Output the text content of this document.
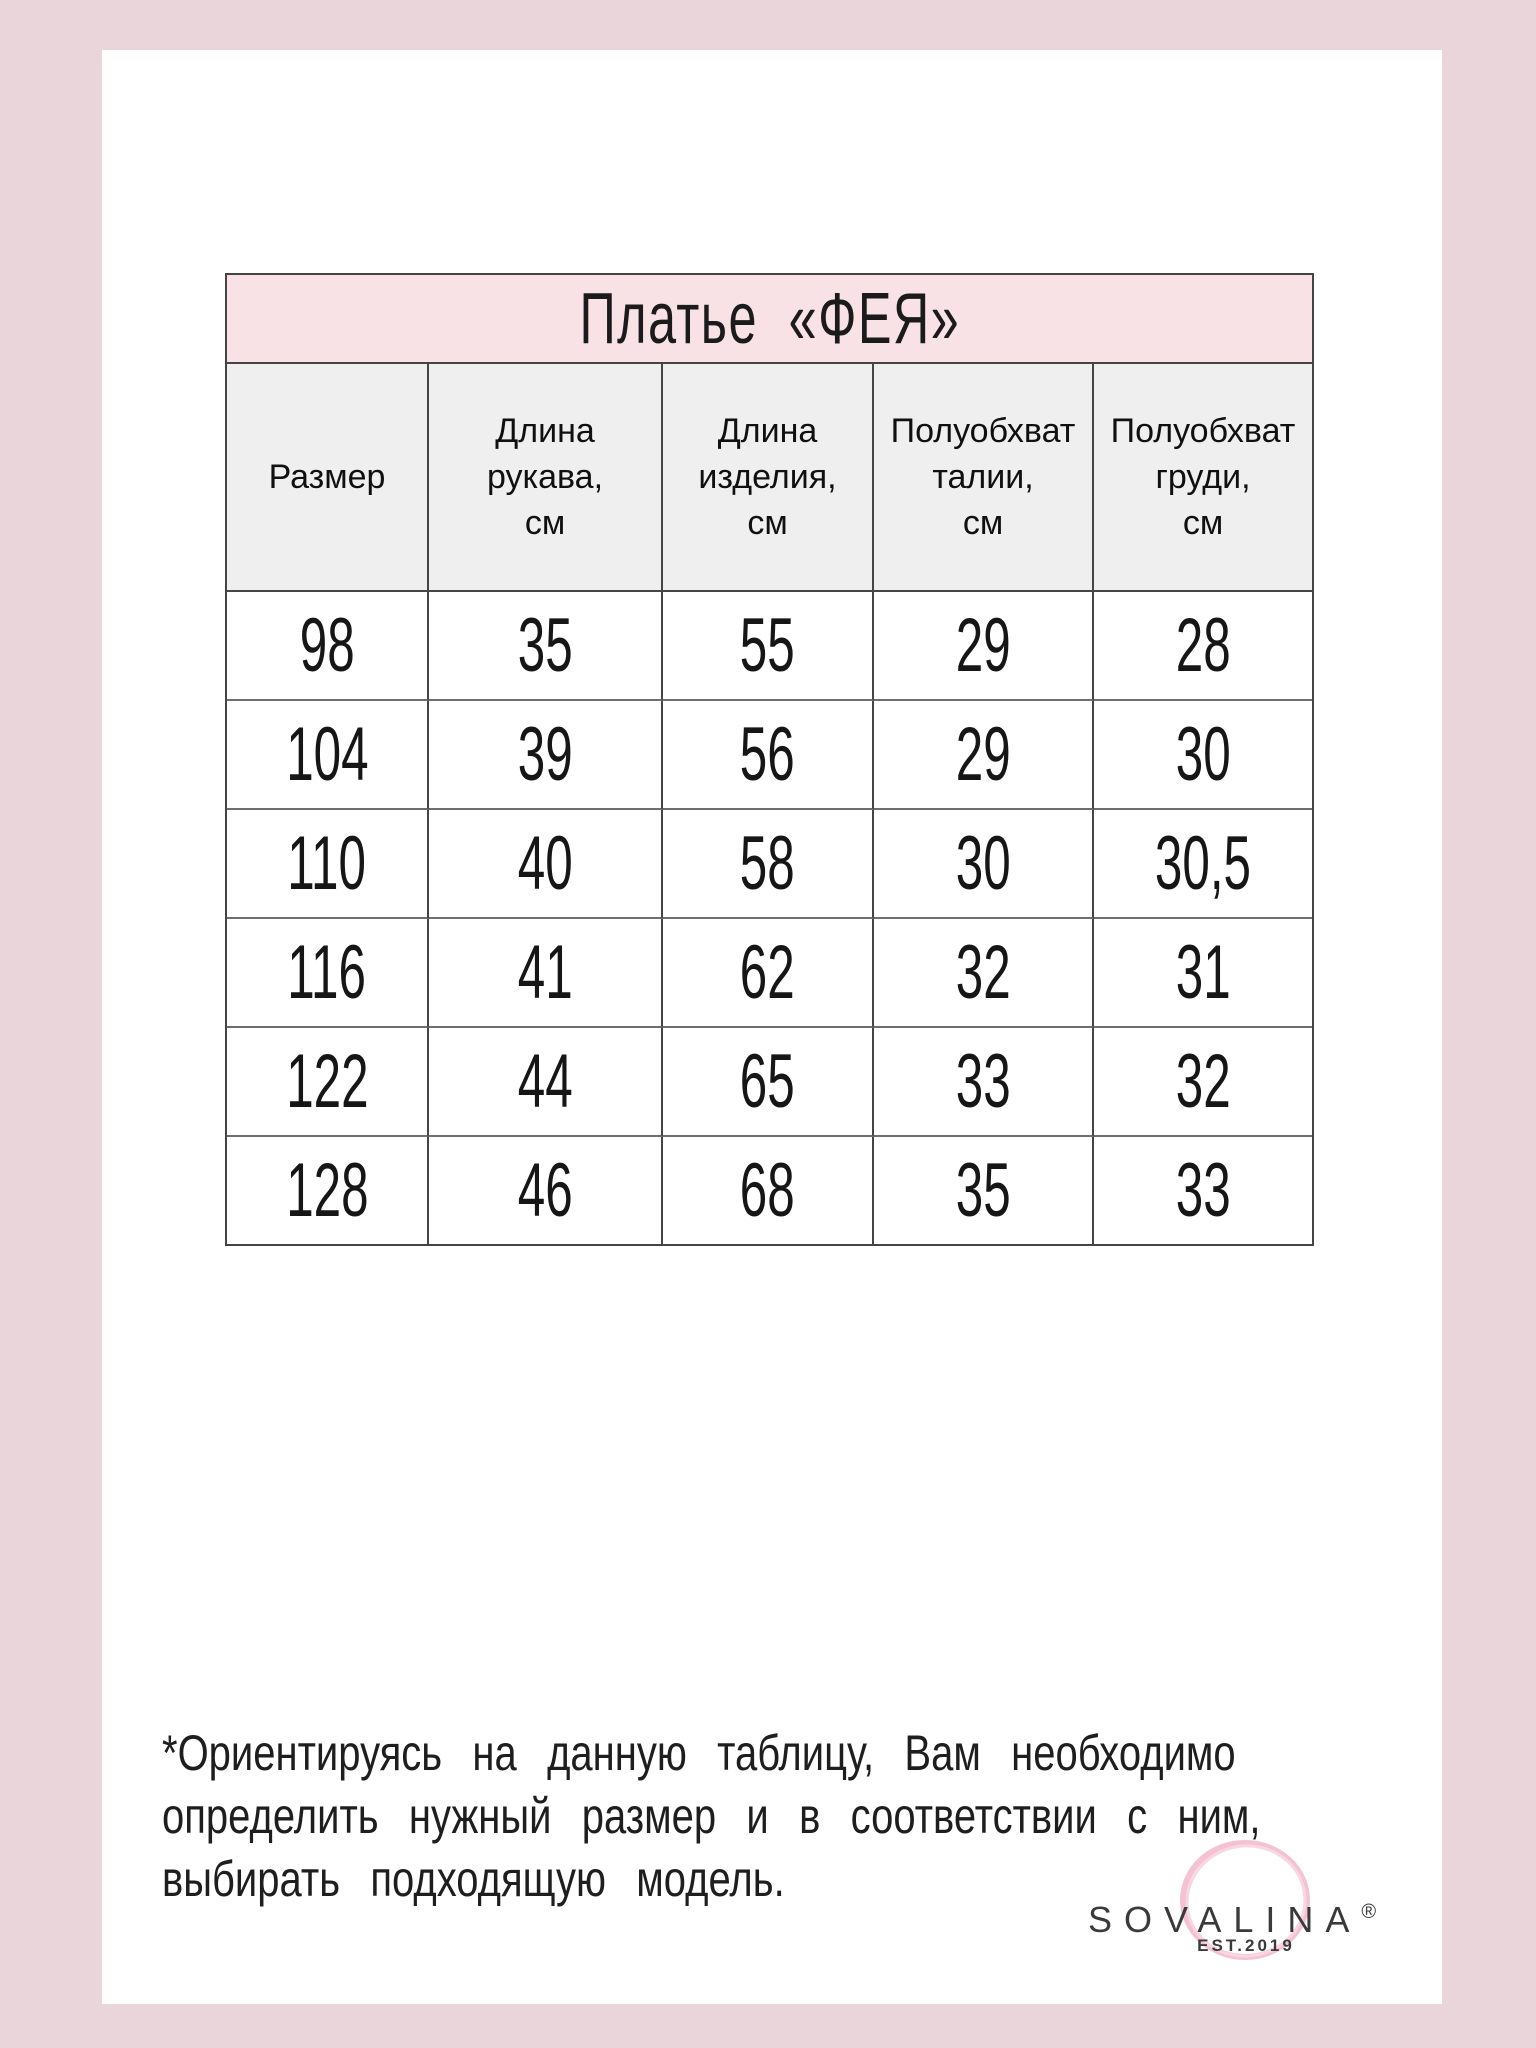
Платье  «ФЕЯ»
Размер
Длина
рукава,
см
Длина
изделия,
см
Полуобхват
талии,
см
Полуобхват
груди,
см
98 35 55 29 28
104 39 56 29 30
110 40 58 30 30,5
116 41 62 32 31
122 44 65 33 32
128 46 68 35 33
*Ориентируясь на данную таблицу, Вам необходимо
определить нужный размер и в соответствии с ним,
выбирать подходящую модель.
SOVALINA®
EST.2019
